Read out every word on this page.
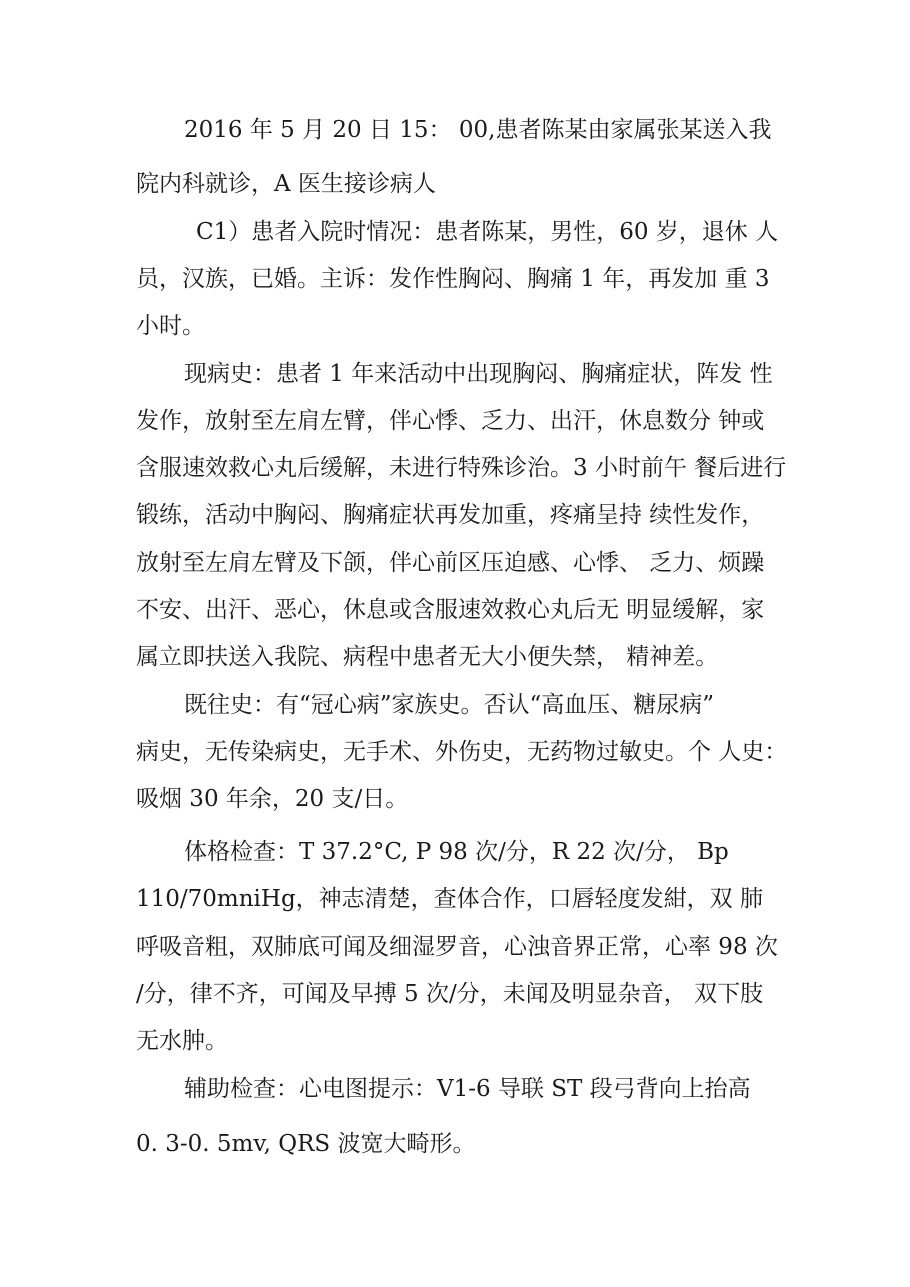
2016 年 5 月 20 日 15： 00,患者陈某由家属张某送入我
院内科就诊，A 医生接诊病人
C1）患者入院时情况：患者陈某，男性，60 岁，退休 人
员，汉族，已婚。主诉：发作性胸闷、胸痛 1 年，再发加 重 3
小时。
现病史：患者 1 年来活动中出现胸闷、胸痛症状，阵发 性
发作，放射至左肩左臂，伴心悸、乏力、出汗，休息数分 钟或
含服速效救心丸后缓解，未进行特殊诊治。3 小时前午 餐后进行
锻练，活动中胸闷、胸痛症状再发加重，疼痛呈持 续性发作，
放射至左肩左臂及下颌，伴心前区压迫感、心悸、 乏力、烦躁
不安、出汗、恶心，休息或含服速效救心丸后无 明显缓解，家
属立即扶送入我院、病程中患者无大小便失禁， 精神差。
既往史：有“冠心病”家族史。否认“高血压、糖尿病”
病史，无传染病史，无手术、外伤史，无药物过敏史。个 人史：
吸烟 30 年余，20 支/日。
体格检查：T 37.2°C, P 98 次/分，R 22 次/分， Bp
110/70mniHg，神志清楚，查体合作，口唇轻度发紺，双 肺
呼吸音粗，双肺底可闻及细湿罗音，心浊音界正常，心率 98 次
/分，律不齐，可闻及早搏 5 次/分，未闻及明显杂音， 双下肢
无水肿。
辅助检查：心电图提示：V1-6 导联 ST 段弓背向上抬高
0. 3-0. 5mv, QRS 波宽大畸形。
